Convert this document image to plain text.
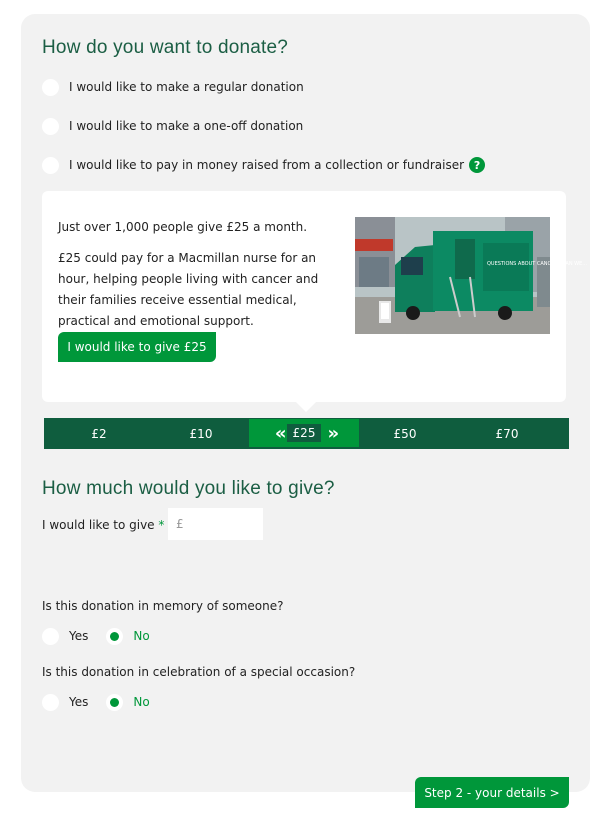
How do you want to donate?
I would like to make a regular donation
I would like to make a one-off donation
I would like to pay in money raised from a collection or fundraiser ?

Just over 1,000 people give £25 a month.

£25 could pay for a Macmillan nurse for an hour, helping people living with cancer and their families receive essential medical, practical and emotional support.

I would like to give £25
QUESTIONS ABOUT CANCER? CAN WE...
£2	£10	«	£25 »	£50	£70
How much would you like to give?
I would like to give * £
Is this donation in memory of someone?
Yes	No
Is this donation in celebration of a special occasion?
Yes	No
Step 2 - your details >
